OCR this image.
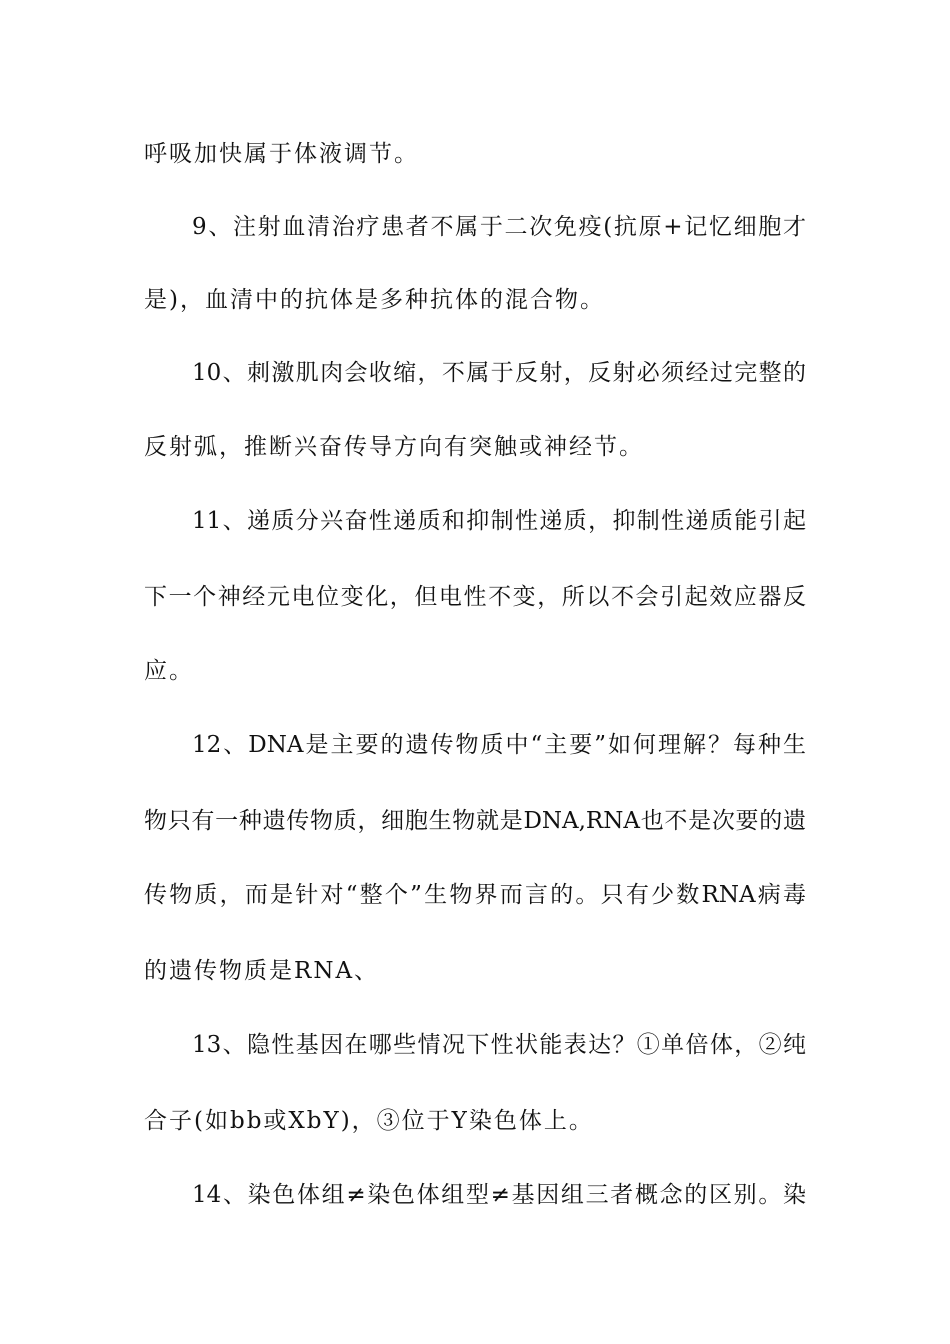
呼吸加快属于体液调节。
9、注射血清治疗患者不属于二次免疫(抗原+记忆细胞才
是)，血清中的抗体是多种抗体的混合物。
10、刺激肌肉会收缩，不属于反射，反射必须经过完整的
反射弧，推断兴奋传导方向有突触或神经节。
11、递质分兴奋性递质和抑制性递质，抑制性递质能引起
下一个神经元电位变化，但电性不变，所以不会引起效应器反
应。
12、DNA是主要的遗传物质中“主要”如何理解？每种生
物只有一种遗传物质，细胞生物就是DNA,RNA也不是次要的遗
传物质，而是针对“整个”生物界而言的。只有少数RNA病毒
的遗传物质是RNA、
13、隐性基因在哪些情况下性状能表达？①单倍体，②纯
合子(如bb或XbY)，③位于Y染色体上。
14、染色体组≠染色体组型≠基因组三者概念的区别。染
